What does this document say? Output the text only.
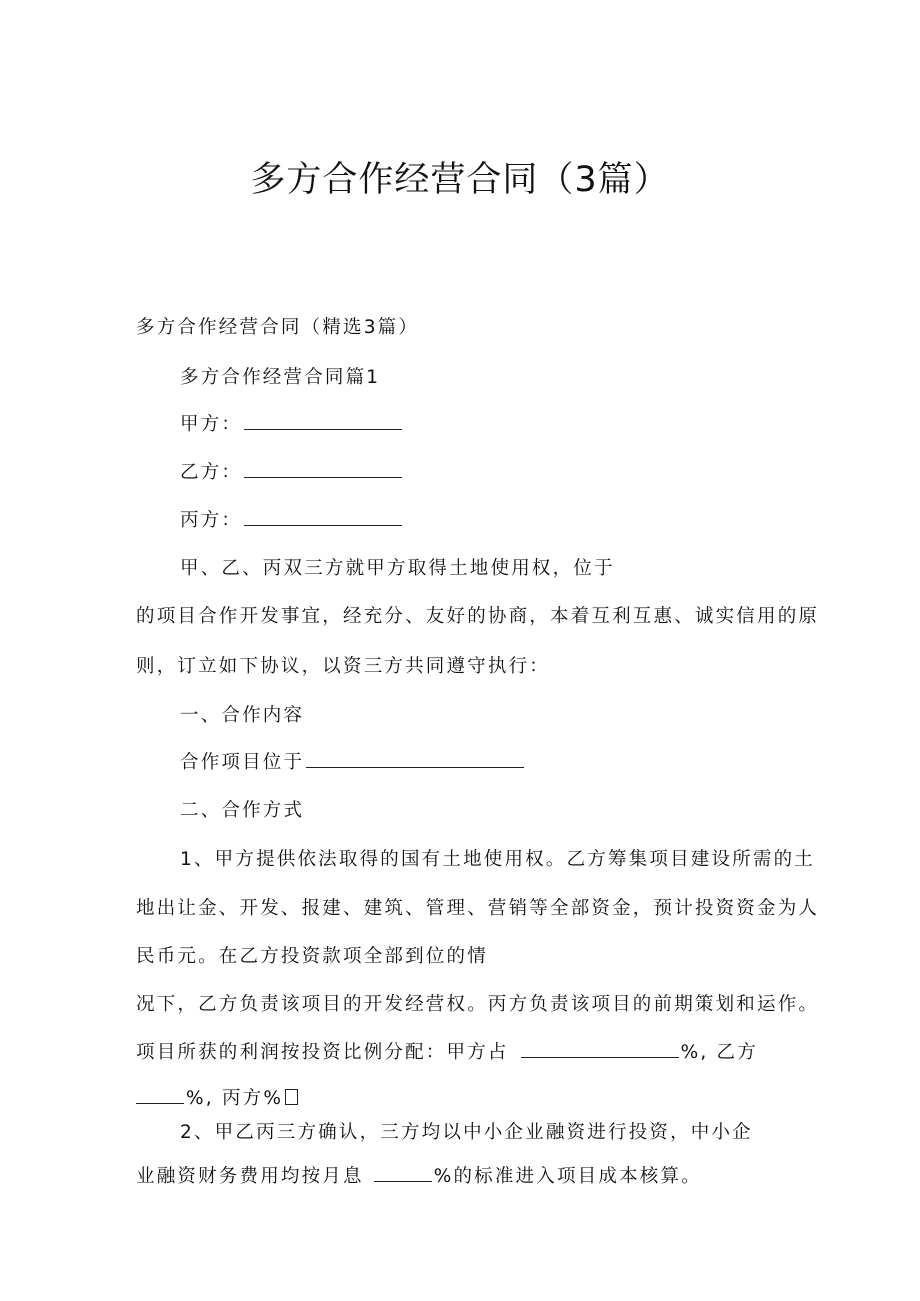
多方合作经营合同（3篇）
多方合作经营合同（精选3篇）
多方合作经营合同篇1
甲方：
乙方：
丙方：
甲、乙、丙双三方就甲方取得土地使用权，位于
的项目合作开发事宜，经充分、友好的协商，本着互利互惠、诚实信用的原
则，订立如下协议，以资三方共同遵守执行：
一、合作内容
合作项目位于
二、合作方式
1、甲方提供依法取得的国有土地使用权。乙方筹集项目建设所需的土
地出让金、开发、报建、建筑、管理、营销等全部资金，预计投资资金为人
民币元。在乙方投资款项全部到位的情
况下，乙方负责该项目的开发经营权。丙方负责该项目的前期策划和运作。
项目所获的利润按投资比例分配：甲方占	%, 乙方
%, 丙方%
2、甲乙丙三方确认，三方均以中小企业融资进行投资，中小企
业融资财务费用均按月息	%的标准进入项目成本核算。
